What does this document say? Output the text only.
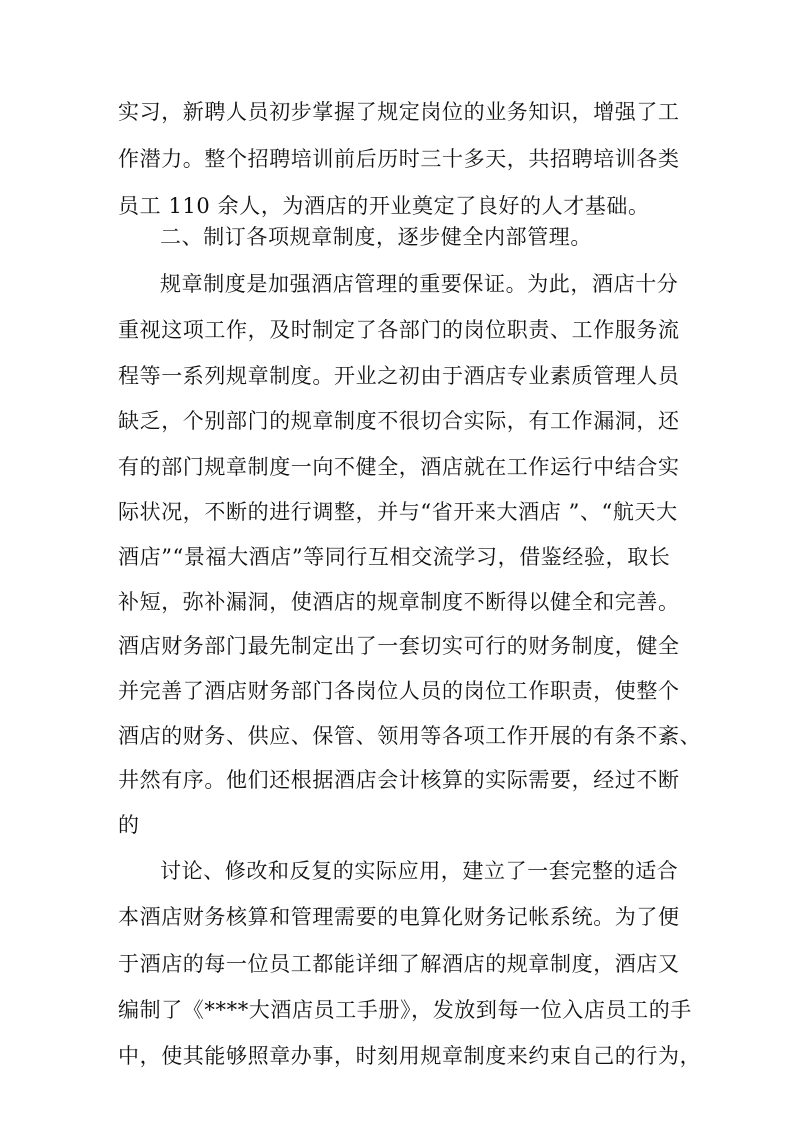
实习，新聘人员初步掌握了规定岗位的业务知识，增强了工
作潜力。整个招聘培训前后历时三十多天，共招聘培训各类
员工 110 余人，为酒店的开业奠定了良好的人才基础。
二、制订各项规章制度，逐步健全内部管理。
规章制度是加强酒店管理的重要保证。为此，酒店十分
重视这项工作，及时制定了各部门的岗位职责、工作服务流
程等一系列规章制度。开业之初由于酒店专业素质管理人员
缺乏，个别部门的规章制度不很切合实际，有工作漏洞，还
有的部门规章制度一向不健全，酒店就在工作运行中结合实
际状况，不断的进行调整，并与“省开来大酒店 ”、“航天大
酒店”“景福大酒店”等同行互相交流学习，借鉴经验，取长
补短，弥补漏洞，使酒店的规章制度不断得以健全和完善。
酒店财务部门最先制定出了一套切实可行的财务制度，健全
并完善了酒店财务部门各岗位人员的岗位工作职责，使整个
酒店的财务、供应、保管、领用等各项工作开展的有条不紊、
井然有序。他们还根据酒店会计核算的实际需要，经过不断
的
讨论、修改和反复的实际应用，建立了一套完整的适合
本酒店财务核算和管理需要的电算化财务记帐系统。为了便
于酒店的每一位员工都能详细了解酒店的规章制度，酒店又
编制了《****大酒店员工手册》，发放到每一位入店员工的手
中，使其能够照章办事，时刻用规章制度来约束自己的行为，
